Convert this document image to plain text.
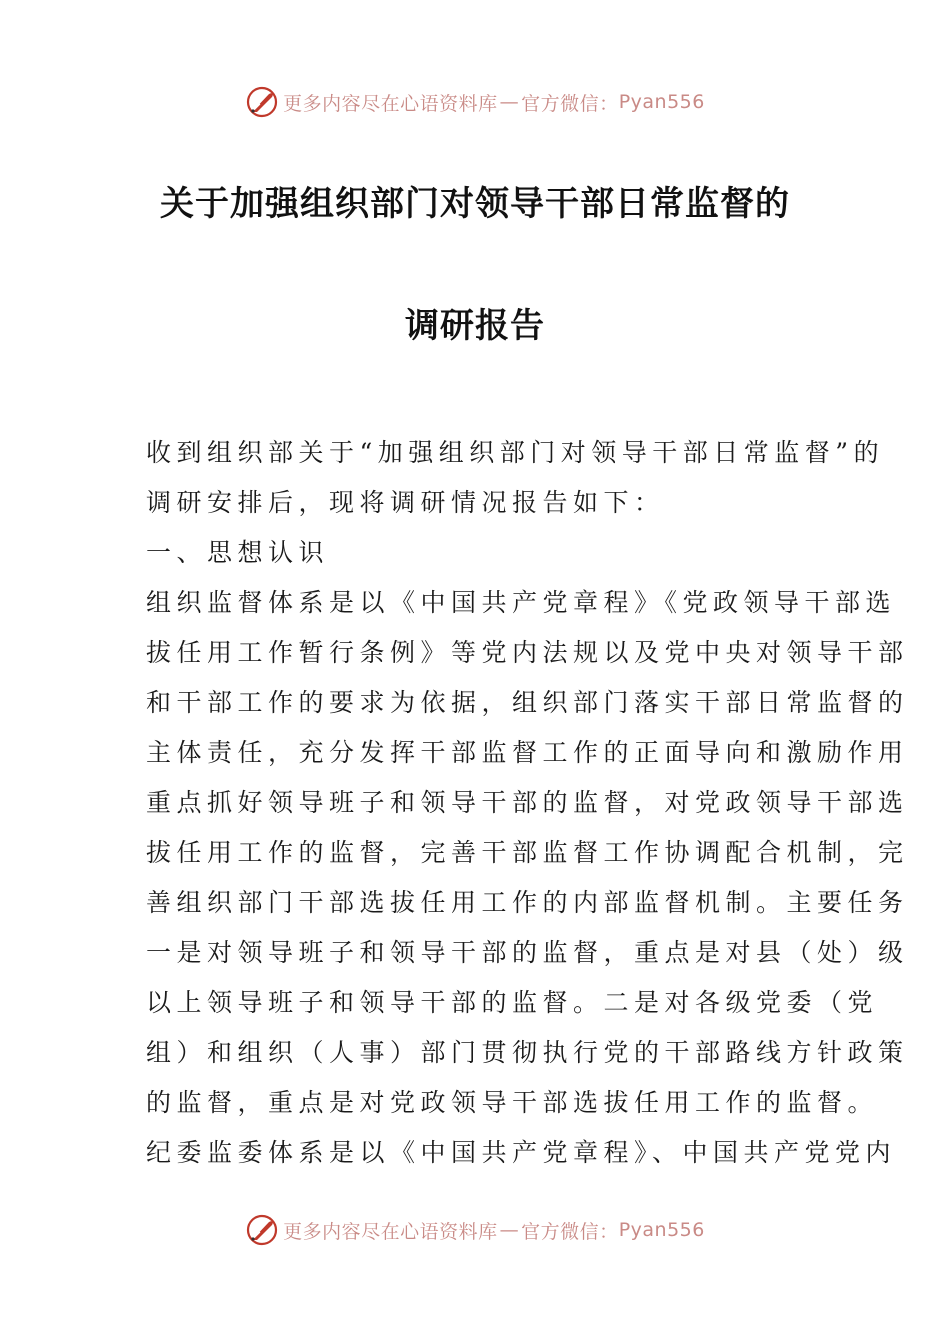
更多内容尽在心语资料库 — 官方微信： Pyan556
关于加强组织部门对领导干部日常监督的
调研报告
收到组织部关于“加强组织部门对领导干部日常监督”的
调研安排后，现将调研情况报告如下：
一、思想认识
组织监督体系是以《中国共产党章程》《党政领导干部选
拔任用工作暂行条例》等党内法规以及党中央对领导干部
和干部工作的要求为依据，组织部门落实干部日常监督的
主体责任，充分发挥干部监督工作的正面导向和激励作用
重点抓好领导班子和领导干部的监督，对党政领导干部选
拔任用工作的监督，完善干部监督工作协调配合机制，完
善组织部门干部选拔任用工作的内部监督机制。主要任务
一是对领导班子和领导干部的监督，重点是对县（处）级
以上领导班子和领导干部的监督。二是对各级党委（党
组）和组织（人事）部门贯彻执行党的干部路线方针政策
的监督，重点是对党政领导干部选拔任用工作的监督。
纪委监委体系是以《中国共产党章程》、中国共产党党内
更多内容尽在心语资料库 — 官方微信： Pyan556
